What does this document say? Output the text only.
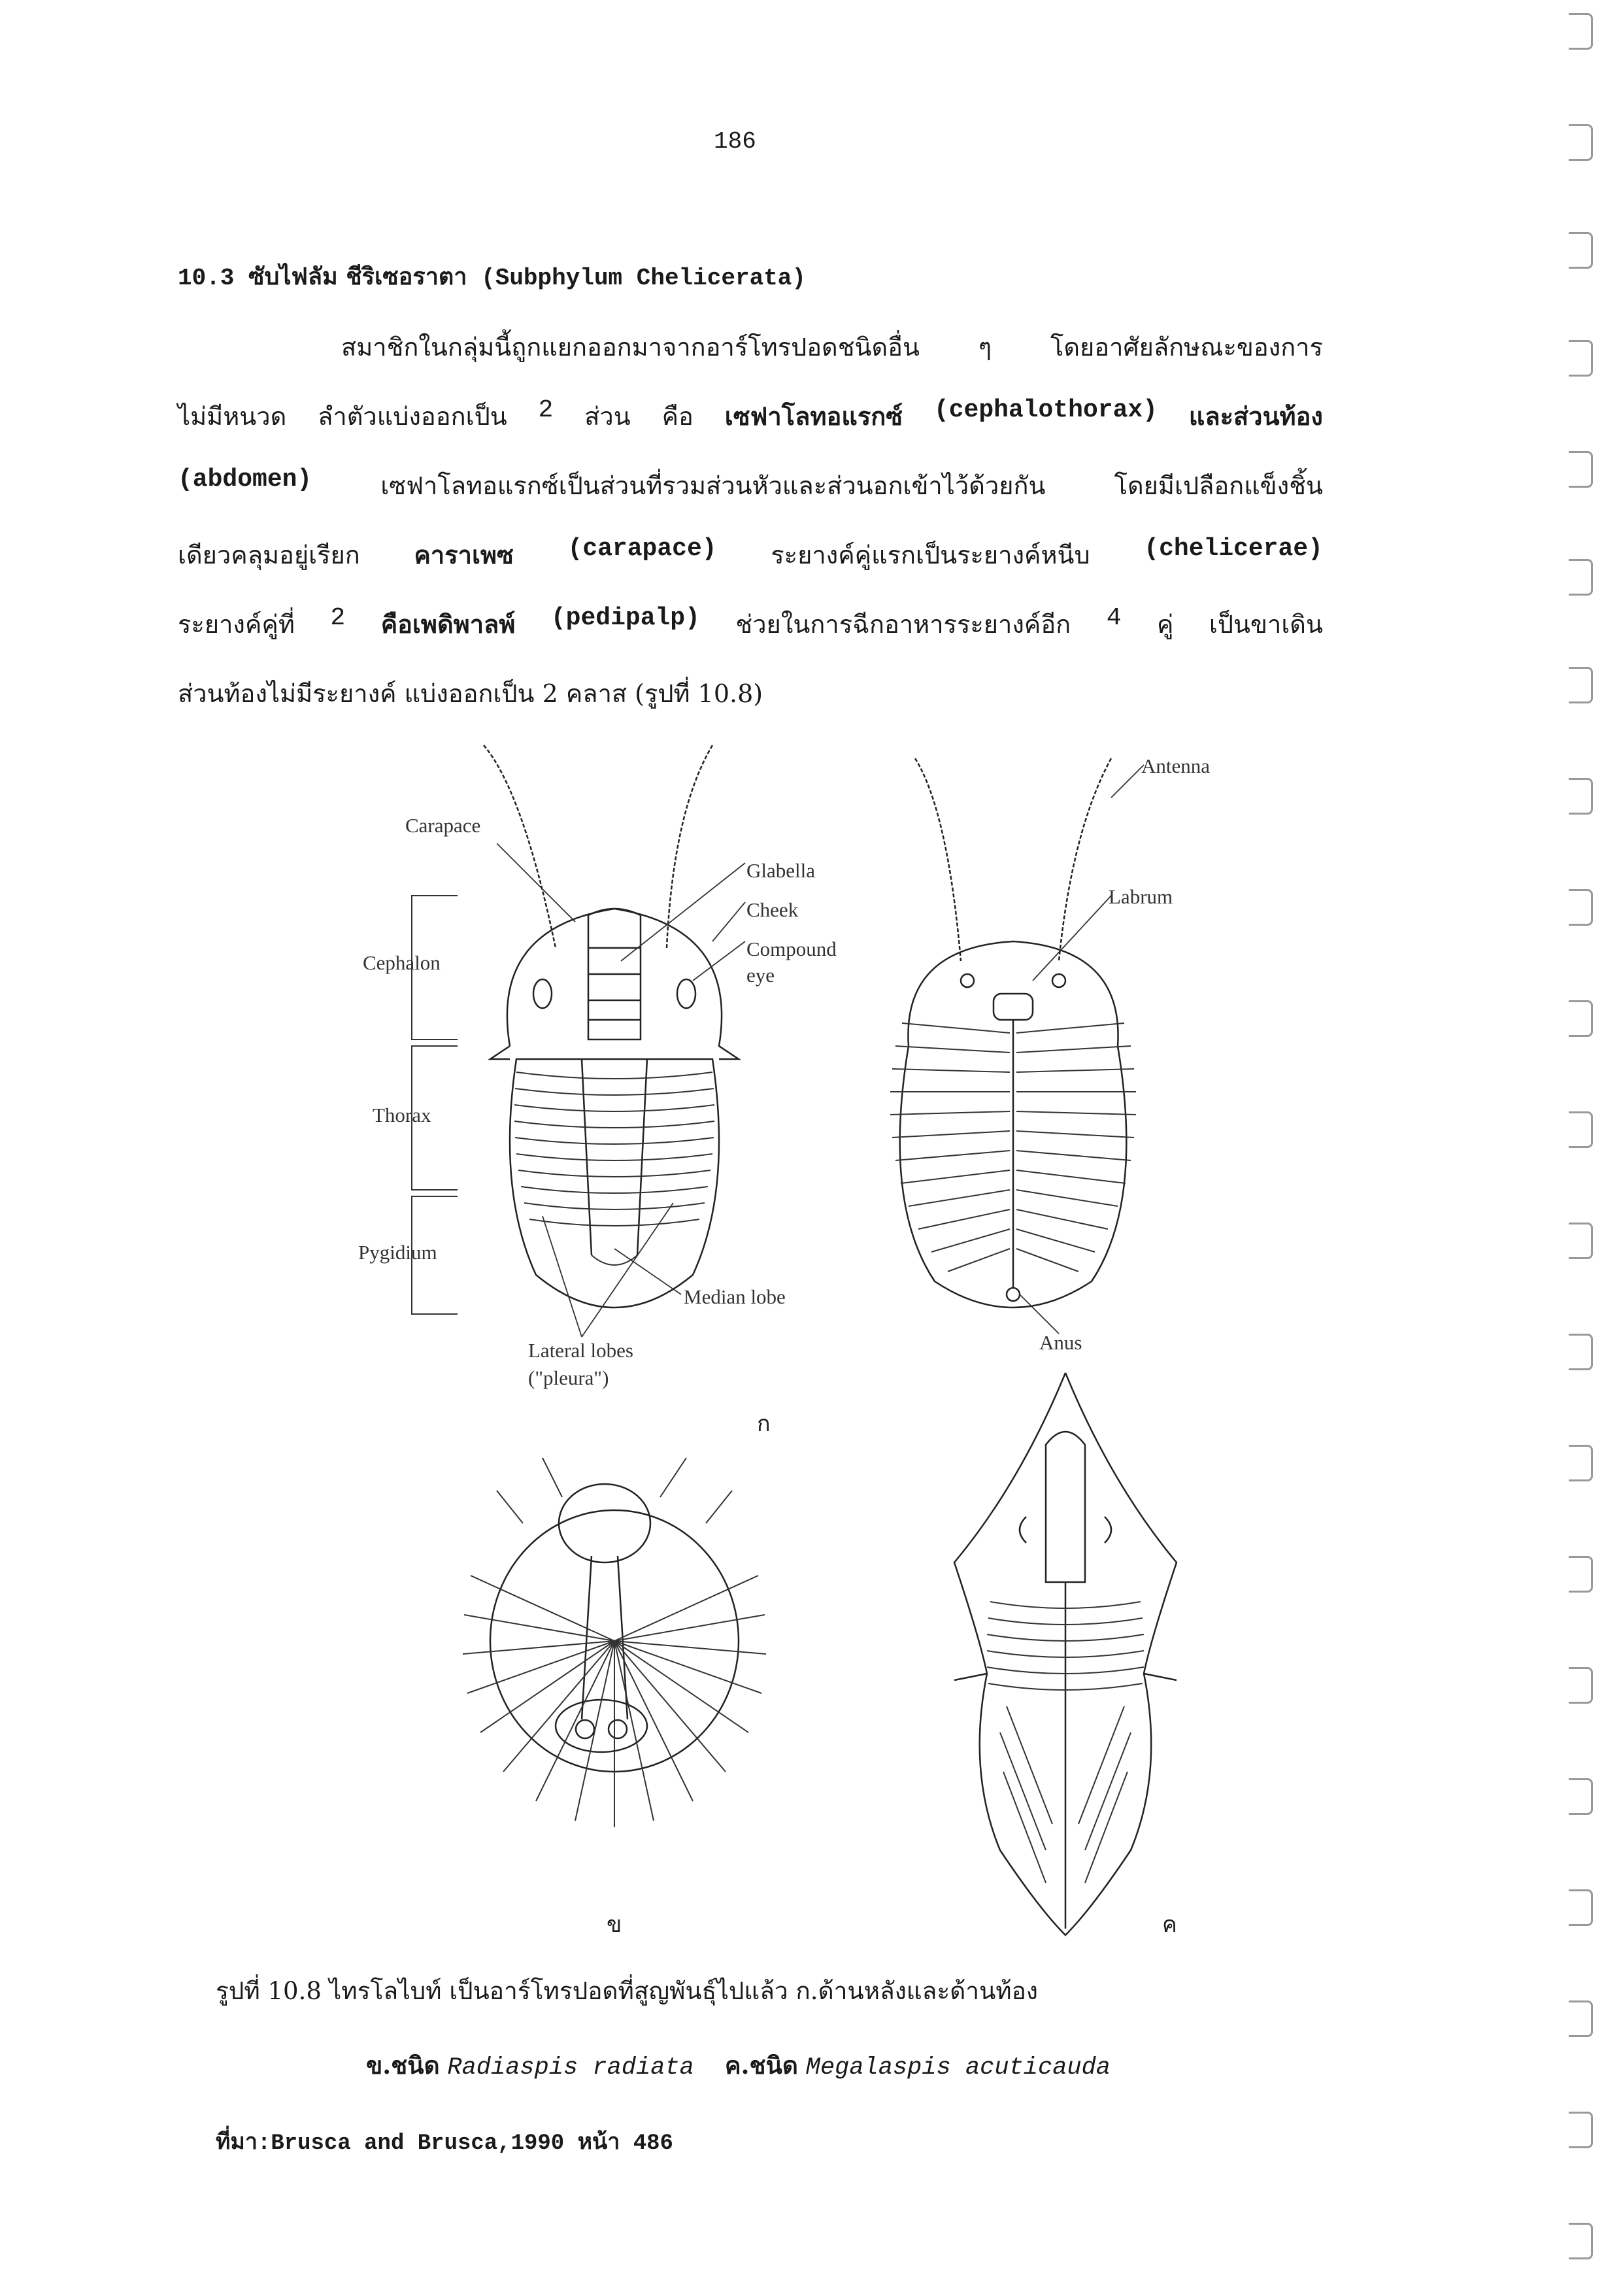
186
10.3 ซับไฟลัม ชีริเซอราตา (Subphylum Chelicerata)
สมาชิกในกลุ่มนี้ถูกแยกออกมาจากอาร์โทรปอดชนิดอื่น ๆ โดยอาศัยลักษณะของการ
ไม่มีหนวด ลำตัวแบ่งออกเป็น 2 ส่วน คือ เซฟาโลทอแรกซ์ (cephalothorax) และส่วนท้อง
(abdomen)	เซฟาโลทอแรกซ์เป็นส่วนที่รวมส่วนหัวและส่วนอกเข้าไว้ด้วยกัน	โดยมีเปลือกแข็งชิ้น
เดียวคลุมอยู่เรียก คาราเพซ (carapace) ระยางค์คู่แรกเป็นระยางค์หนีบ (chelicerae)
ระยางค์คู่ที่ 2 คือเพดิพาลพ์ (pedipalp) ช่วยในการฉีกอาหารระยางค์อีก 4 คู่ เป็นขาเดิน
ส่วนท้องไม่มีระยางค์ แบ่งออกเป็น 2 คลาส (รูปที่ 10.8)
Carapace
Cephalon
Thorax
Pygidium
Glabella
Cheek
Compound
eye
Median lobe
Lateral lobes
("pleura")
Antenna
Labrum
Anus
ก
ข	ค
รูปที่ 10.8 ไทรโลไบท์ เป็นอาร์โทรปอดที่สูญพันธุ์ไปแล้ว ก.ด้านหลังและด้านท้อง
ข.ชนิด Radiaspis radiata ค.ชนิด Megalaspis acuticauda
ที่มา:Brusca and Brusca,1990 หน้า 486
